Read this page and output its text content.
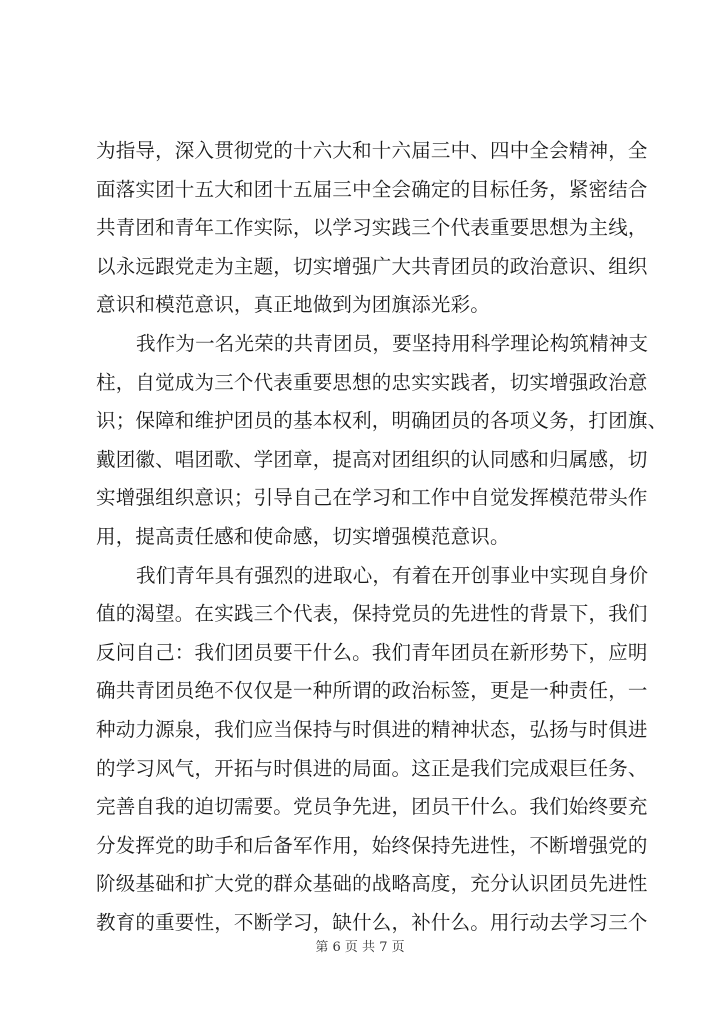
为指导，深入贯彻党的十六大和十六届三中、四中全会精神，全
面落实团十五大和团十五届三中全会确定的目标任务，紧密结合
共青团和青年工作实际，以学习实践三个代表重要思想为主线，
以永远跟党走为主题，切实增强广大共青团员的政治意识、组织
意识和模范意识，真正地做到为团旗添光彩。
我作为一名光荣的共青团员，要坚持用科学理论构筑精神支
柱，自觉成为三个代表重要思想的忠实实践者，切实增强政治意
识；保障和维护团员的基本权利，明确团员的各项义务，打团旗、
戴团徽、唱团歌、学团章，提高对团组织的认同感和归属感，切
实增强组织意识；引导自己在学习和工作中自觉发挥模范带头作
用，提高责任感和使命感，切实增强模范意识。
我们青年具有强烈的进取心，有着在开创事业中实现自身价
值的渴望。在实践三个代表，保持党员的先进性的背景下，我们
反问自己：我们团员要干什么。我们青年团员在新形势下，应明
确共青团员绝不仅仅是一种所谓的政治标签，更是一种责任，一
种动力源泉，我们应当保持与时俱进的精神状态，弘扬与时俱进
的学习风气，开拓与时俱进的局面。这正是我们完成艰巨任务、
完善自我的迫切需要。党员争先进，团员干什么。我们始终要充
分发挥党的助手和后备军作用，始终保持先进性，不断增强党的
阶级基础和扩大党的群众基础的战略高度，充分认识团员先进性
教育的重要性，不断学习，缺什么，补什么。用行动去学习三个
第 6 页 共 7 页
